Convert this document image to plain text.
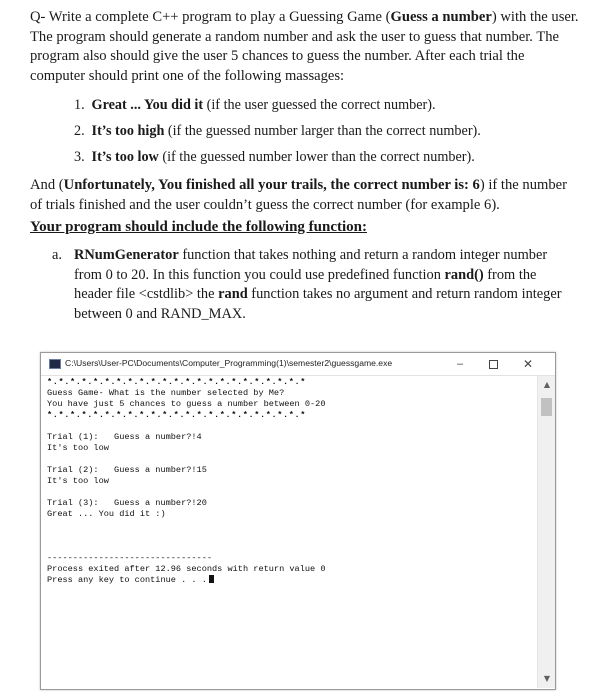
Q- Write a complete C++ program to play a Guessing Game (Guess a number) with the user. The program should generate a random number and ask the user to guess that number. The program also should give the user 5 chances to guess the number. After each trial the computer should print one of the following massages:

1. Great ... You did it (if the user guessed the correct number).
2. It’s too high (if the guessed number larger than the correct number).
3. It’s too low (if the guessed number lower than the correct number).

And (Unfortunately, You finished all your trails, the correct number is: 6) if the number of trials finished and the user couldn’t guess the correct number (for example 6).

Your program should include the following function:
a. RNumGenerator function that takes nothing and return a random integer number from 0 to 20. In this function you could use predefined function rand() from the header file <cstdlib> the rand function takes no argument and return random integer between 0 and RAND_MAX.
C:\Users\User-PC\Documents\Computer_Programming(1)\semester2\guessgame.exe	–	✕
*.*.*.*.*.*.*.*.*.*.*.*.*.*.*.*.*.*.*.*.*.*.*
Guess Game- What is the number selected by Me?
You have just 5 chances to guess a number between 0-20
*.*.*.*.*.*.*.*.*.*.*.*.*.*.*.*.*.*.*.*.*.*.*
Trial (1):   Guess a number?!4
It's too low
Trial (2):   Guess a number?!15
It's too low
Trial (3):   Guess a number?!20
Great ... You did it :)
--------------------------------
Process exited after 12.96 seconds with return value 0
Press any key to continue . . .
▲
▼
